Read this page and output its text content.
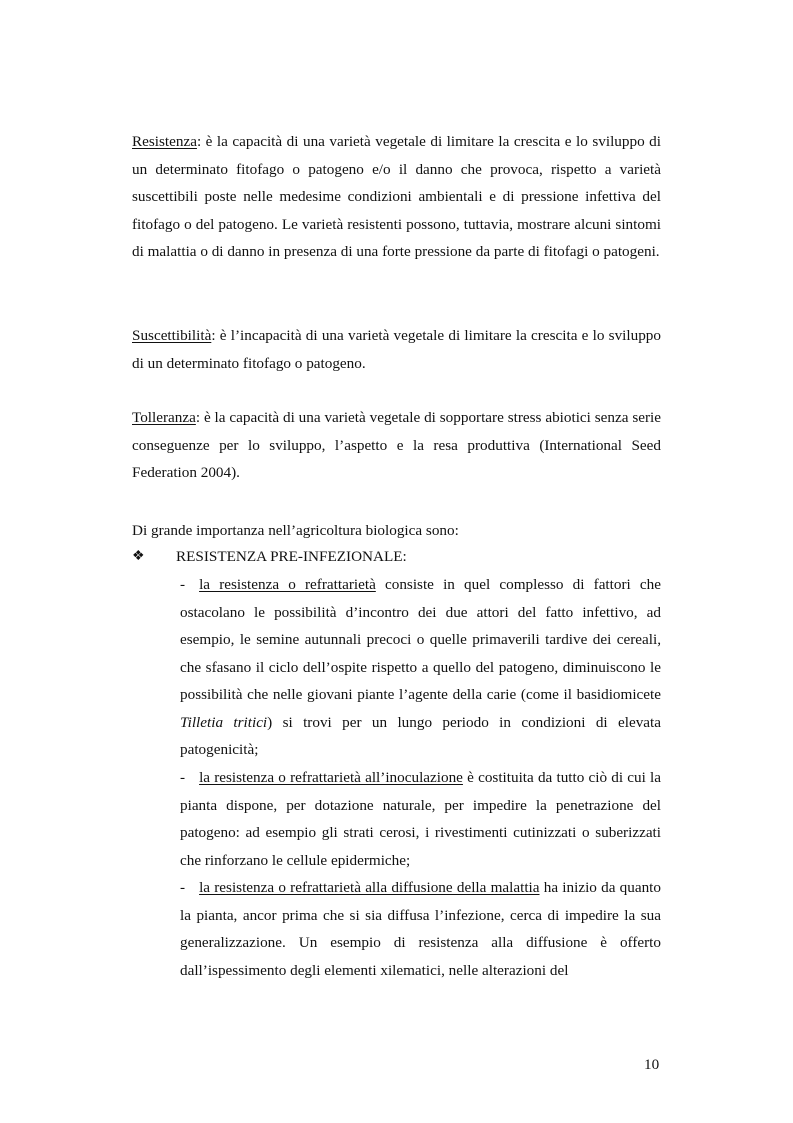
Resistenza: è la capacità di una varietà vegetale di limitare la crescita e lo sviluppo di un determinato fitofago o patogeno e/o il danno che provoca, rispetto a varietà suscettibili poste nelle medesime condizioni ambientali e di pressione infettiva del fitofago o del patogeno. Le varietà resistenti possono, tuttavia, mostrare alcuni sintomi di malattia o di danno in presenza di una forte pressione da parte di fitofagi o patogeni.

Suscettibilità: è l’incapacità di una varietà vegetale di limitare la crescita e lo sviluppo di un determinato fitofago o patogeno.

Tolleranza: è la capacità di una varietà vegetale di sopportare stress abiotici senza serie conseguenze per lo sviluppo, l’aspetto e la resa produttiva (International Seed Federation 2004).

Di grande importanza nell’agricoltura biologica sono:

❖ RESISTENZA PRE-INFEZIONALE:

- la resistenza o refrattarietà consiste in quel complesso di fattori che ostacolano le possibilità d’incontro dei due attori del fatto infettivo, ad esempio, le semine autunnali precoci o quelle primaverili tardive dei cereali, che sfasano il ciclo dell’ospite rispetto a quello del patogeno, diminuiscono le possibilità che nelle giovani piante l’agente della carie (come il basidiomicete Tilletia tritici) si trovi per un lungo periodo in condizioni di elevata patogenicità;

- la resistenza o refrattarietà all’inoculazione è costituita da tutto ciò di cui la pianta dispone, per dotazione naturale, per impedire la penetrazione del patogeno: ad esempio gli strati cerosi, i rivestimenti cutinizzati o suberizzati che rinforzano le cellule epidermiche;

- la resistenza o refrattarietà alla diffusione della malattia ha inizio da quanto la pianta, ancor prima che si sia diffusa l’infezione, cerca di impedire la sua generalizzazione. Un esempio di resistenza alla diffusione è offerto dall’ispessimento degli elementi xilematici, nelle alterazioni del

10
